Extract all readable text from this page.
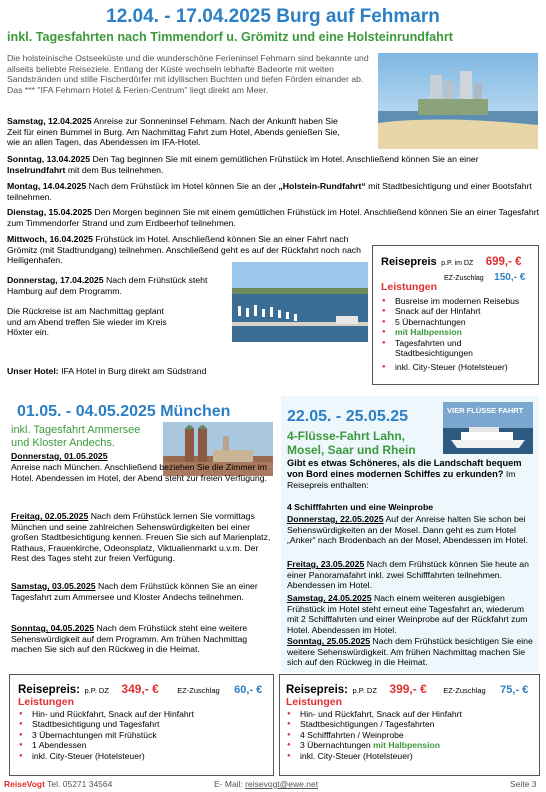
12.04. - 17.04.2025 Burg auf Fehmarn
inkl. Tagesfahrten nach Timmendorf u. Grömitz und eine Holsteinrundfahrt
Die holsteinische Ostseeküste und die wunderschöne Ferieninsel Fehmarn sind bekannte und allseits beliebte Reiseziele. Entlang der Küste wechseln lebhafte Badeorte mit weiten Sandstränden und stille Fischerdörfer mit idyllischen Buchten und tiefen Förden einander ab. Das *** "IFA Fehmarn Hotel & Ferien-Centrum" liegt direkt am Meer.
Samstag, 12.04.2025 Anreise zur Sonneninsel Fehmarn. Nach der Ankunft haben Sie Zeit für einen Bummel in Burg. Am Nachmittag Fahrt zum Hotel, Abends genießen Sie, wie an allen Tagen, das Abendessen im IFA-Hotel.
Sonntag, 13.04.2025 Den Tag beginnen Sie mit einem gemütlichen Frühstück im Hotel. Anschließend können Sie an einer Inselrundfahrt mit dem Bus teilnehmen.
Montag, 14.04.2025 Nach dem Frühstück im Hotel können Sie an der „Holstein-Rundfahrt“ mit Stadtbesichtigung und einer Bootsfahrt teilnehmen.
Dienstag, 15.04.2025 Den Morgen beginnen Sie mit einem gemütlichen Frühstück im Hotel. Anschließend können Sie an einer Tagesfahrt zum Timmendorfer Strand und zum Erdbeerhof teilnehmen.
Mittwoch, 16.04.2025 Frühstück im Hotel. Anschließend können Sie an einer Fahrt nach Grömitz (mit Stadtrundgang) teilnehmen. Anschließend geht es auf der Rückfahrt noch nach Heiligenhafen.
Donnerstag, 17.04.2025 Nach dem Frühstück steht Hamburg auf dem Programm.
Die Rückreise ist am Nachmittag geplant und am Abend treffen Sie wieder im Kreis Höxter ein.
Unser Hotel: IFA Hotel in Burg direkt am Südstrand
Reisepreis p.P. im DZ 699,- €
EZ-Zuschlag 150,- €
Leistungen
● Busreise im modernen Reisebus
● Snack auf der Hinfahrt
● 5 Übernachtungen
● mit Halbpension
● Tagesfahrten und Stadtbesichtigungen
● inkl. City-Steuer (Hotelsteuer)
01.05. - 04.05.2025 München
inkl. Tagesfahrt Ammersee und Kloster Andechs.
Donnerstag, 01.05.2025
Anreise nach München. Anschließend beziehen Sie die Zimmer im Hotel. Abendessen im Hotel, der Abend steht zur freien Verfügung.
Freitag, 02.05.2025 Nach dem Frühstück lernen Sie vormittags München und seine zahlreichen Sehenswürdigkeiten bei einer großen Stadtbesichtigung kennen. Freuen Sie sich auf Marienplatz, Rathaus, Frauenkirche, Odeonsplatz, Viktualienmarkt u.v.m. Der Rest des Tages steht zur freien Verfügung.
Samstag, 03.05.2025 Nach dem Frühstück können Sie an einer Tagesfahrt zum Ammersee und Kloster Andechs teilnehmen.
Sonntag, 04.05.2025 Nach dem Frühstück steht eine weitere Sehenswürdigkeit auf dem Programm. Am frühen Nachmittag machen Sie sich auf den Rückweg in die Heimat.
Reisepreis: p.P. DZ 349,- € EZ-Zuschlag 60,- €
Leistungen
● Hin- und Rückfahrt, Snack auf der Hinfahrt
● Stadtbesichtigung und Tagesfahrt
● 3 Übernachtungen mit Frühstück
● 1 Abendessen
● inkl. City-Steuer (Hotelsteuer)
22.05. - 25.05.25
4-Flüsse-Fahrt Lahn, Mosel, Saar und Rhein
VIER FLÜSSE FAHRT
Gibt es etwas Schöneres, als die Landschaft bequem von Bord eines modernen Schiffes zu erkunden? Im Reisepreis enthalten:
4 Schifffahrten und eine Weinprobe
Donnerstag, 22.05.2025 Auf der Anreise halten Sie schon bei Sehenswürdigkeiten an der Mosel. Dann geht es zum Hotel „Anker“ nach Brodenbach an der Mosel, Abendessen im Hotel.
Freitag, 23.05.2025 Nach dem Frühstück können Sie heute an einer Panoramafahrt inkl. zwei Schifffahrten teilnehmen. Abendessen im Hotel.
Samstag, 24.05.2025 Nach einem weiteren ausgiebigen Frühstück im Hotel steht erneut eine Tagesfahrt an, wiederum mit 2 Schifffahrten und einer Weinprobe auf der Rückfahrt zum Hotel. Abendessen im Hotel.
Sonntag, 25.05.2025 Nach dem Frühstück besichtigen Sie eine weitere Sehenswürdigkeit. Am frühen Nachmittag machen Sie sich auf den Rückweg in die Heimat.
Reisepreis: p.P. DZ 399,- € EZ-Zuschlag 75,- €
Leistungen
● Hin- und Rückfahrt, Snack auf der Hinfahrt
● Stadtbesichtigungen / Tagesfahrten
● 4 Schifffahrten / Weinprobe
● 3 Übernachtungen mit Halbpension
● inkl. City-Steuer (Hotelsteuer)
ReiseVogt Tel. 05271 34564	E- Mail: reisevogt@ewe.net	Seite 3
